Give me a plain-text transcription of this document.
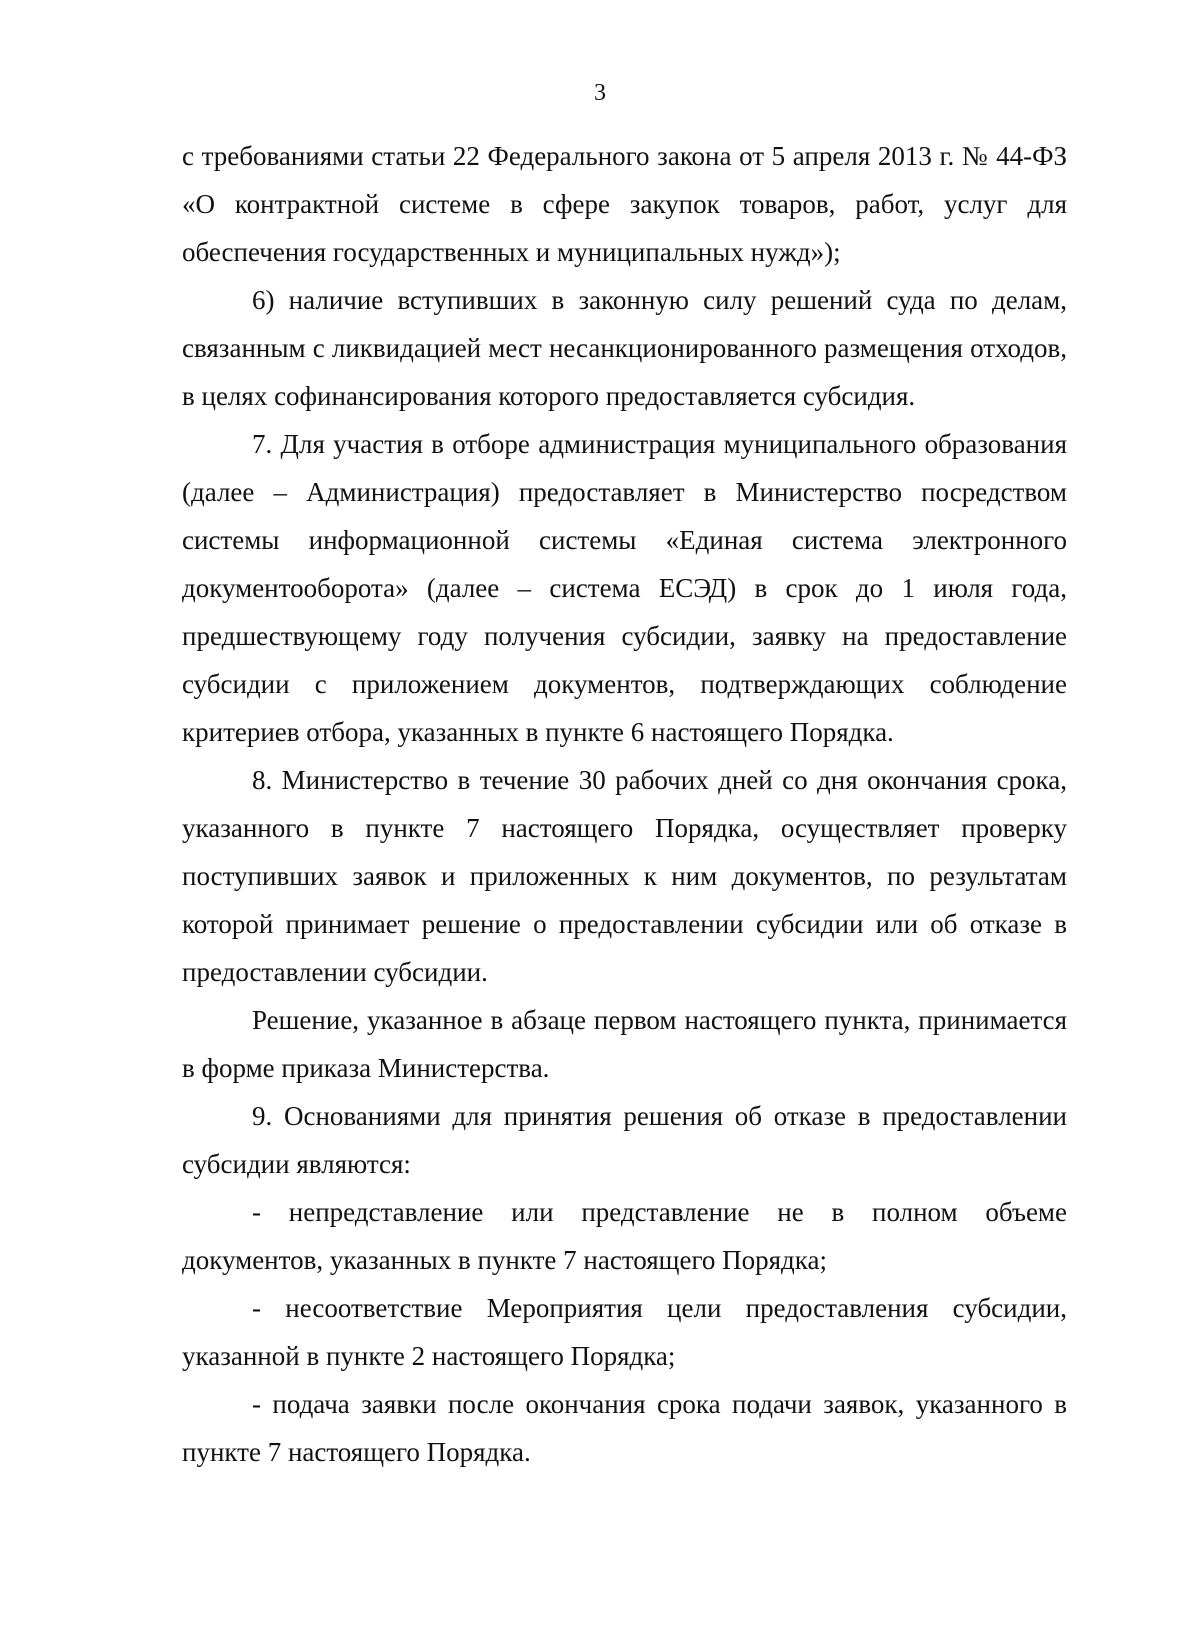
3

с требованиями статьи 22 Федерального закона от 5 апреля 2013 г. № 44-ФЗ «О контрактной системе в сфере закупок товаров, работ, услуг для обеспечения государственных и муниципальных нужд»);

6) наличие вступивших в законную силу решений суда по делам, связанным с ликвидацией мест несанкционированного размещения отходов, в целях софинансирования которого предоставляется субсидия.

7. Для участия в отборе администрация муниципального образования (далее – Администрация) предоставляет в Министерство посредством системы информационной системы «Единая система электронного документооборота» (далее – система ЕСЭД) в срок до 1 июля года, предшествующему году получения субсидии, заявку на предоставление субсидии с приложением документов, подтверждающих соблюдение критериев отбора, указанных в пункте 6 настоящего Порядка.

8. Министерство в течение 30 рабочих дней со дня окончания срока, указанного в пункте 7 настоящего Порядка, осуществляет проверку поступивших заявок и приложенных к ним документов, по результатам которой принимает решение о предоставлении субсидии или об отказе в предоставлении субсидии.

Решение, указанное в абзаце первом настоящего пункта, принимается в форме приказа Министерства.

9. Основаниями для принятия решения об отказе в предоставлении субсидии являются:

- непредставление или представление не в полном объеме документов, указанных в пункте 7 настоящего Порядка;

- несоответствие Мероприятия цели предоставления субсидии, указанной в пункте 2 настоящего Порядка;

- подача заявки после окончания срока подачи заявок, указанного в пункте 7 настоящего Порядка.
